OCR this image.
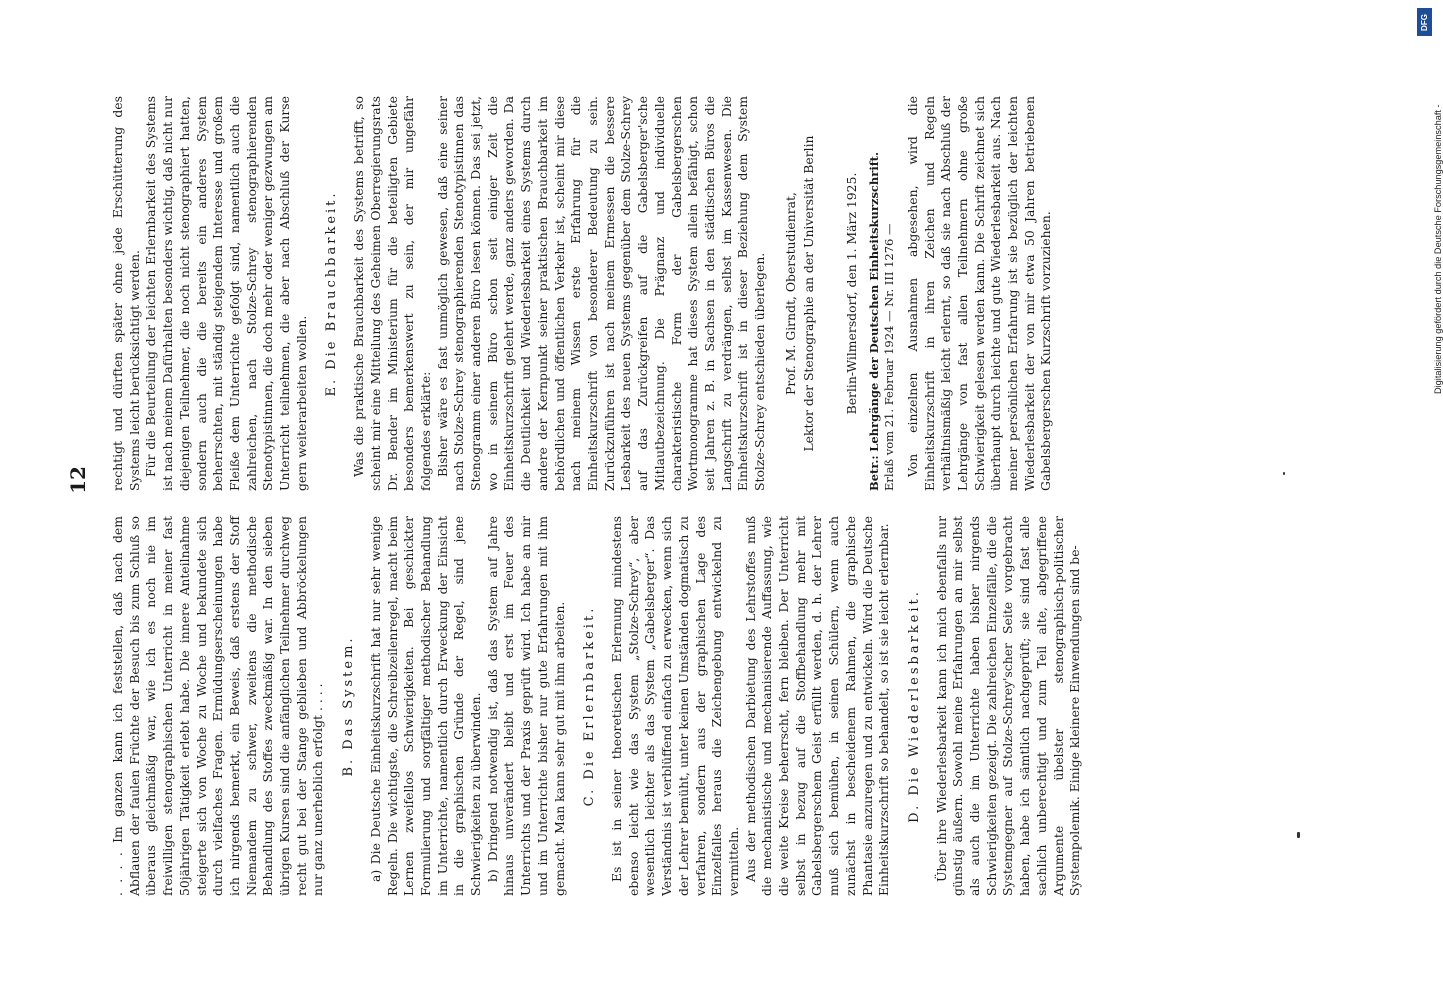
12

. . . . Im ganzen kann ich feststellen, daß nach dem Abflauen der faulen Früchte der Besuch bis zum Schluß so überaus gleichmäßig war, wie ich es noch nie im freiwilligen stenographischen Unterricht in meiner fast 50jährigen Tätigkeit erlebt habe. Die innere Anteilnahme steigerte sich von Woche zu Woche und bekundete sich durch vielfaches Fragen. Ermüdungserscheinungen habe ich nirgends bemerkt, ein Beweis, daß erstens der Stoff Niemandem zu schwer, zweitens die methodische Behandlung des Stoffes zweckmäßig war. In den sieben übrigen Kursen sind die anfänglichen Teilnehmer durchweg recht gut bei der Stange geblieben und Abbröckelungen nur ganz unerheblich erfolgt . . . . B. Das System. a) Die Deutsche Einheitskurzschrift hat nur sehr wenige Regeln. Die wichtigste, die Schreibzeilenregel, macht beim Lernen zweifellos Schwierigkeiten. Bei geschickter Formulierung und sorgfältiger methodischer Behandlung im Unterrichte, namentlich durch Erweckung der Einsicht in die graphischen Gründe der Regel, sind jene Schwierigkeiten zu überwinden. b) Dringend notwendig ist, daß das System auf Jahre hinaus unverändert bleibt und erst im Feuer des Unterrichts und der Praxis geprüft wird. Ich habe an mir und im Unterrichte bisher nur gute Erfahrungen mit ihm gemacht. Man kann sehr gut mit ihm arbeiten. C. Die Erlernbarkeit. Es ist in seiner theoretischen Erlernung mindestens ebenso leicht wie das System „Stolze-Schrey“, aber wesentlich leichter als das System „Gabelsberger“. Das Verständnis ist verblüffend einfach zu erwecken, wenn sich der Lehrer bemüht, unter keinen Umständen dogmatisch zu verfahren, sondern aus der graphischen Lage des Einzelfalles heraus die Zeichengebung entwickelnd zu vermitteln. Aus der methodischen Darbietung des Lehrstoffes muß die mechanistische und mechanisierende Auffassung, wie die weite Kreise beherrscht, fern bleiben. Der Unterricht selbst in bezug auf die Stoffbehandlung mehr mit Gabelsbergerschem Geist erfüllt werden, d. h. der Lehrer muß sich bemühen, in seinen Schülern, wenn auch zunächst in bescheidenem Rahmen, die graphische Phantasie anzuregen und zu entwickeln. Wird die Deutsche Einheitskurzschrift so behandelt, so ist sie leicht erlernbar. D. Die Wiederlesbarkeit. Über ihre Wiederlesbarkeit kann ich mich ebenfalls nur günstig äußern. Sowohl meine Erfahrungen an mir selbst als auch die im Unterrichte haben bisher nirgends Schwierigkeiten gezeigt. Die zahlreichen Einzelfälle, die die Systemgegner auf Stolze-Schrey'scher Seite vorgebracht haben, habe ich sämtlich nachgeprüft; sie sind fast alle sachlich unberechtigt und zum Teil alte, abgegriffene Argumente übelster stenographisch-politischer Systempolemik. Einige kleinere Einwendungen sind be-

rechtigt und dürften später ohne jede Erschütterung des Systems leicht berücksichtigt werden. Für die Beurteilung der leichten Erlernbarkeit des Systems ist nach meinem Dafürhalten besonders wichtig, daß nicht nur diejenigen Teilnehmer, die noch nicht stenographiert hatten, sondern auch die die bereits ein anderes System beherrschten, mit ständig steigendem Interesse und großem Fleiße dem Unterrichte gefolgt sind, namentlich auch die zahlreichen, nach Stolze-Schrey stenographierenden Stenotypistinnen, die doch mehr oder weniger gezwungen am Unterricht teilnehmen, die aber nach Abschluß der Kurse gern weiterarbeiten wollen.

E. Die Brauchbarkeit. Was die praktische Brauchbarkeit des Systems betrifft, so scheint mir eine Mitteilung des Geheimen Oberregierungsrats Dr. Bender im Ministerium für die beteiligten Gebiete besonders bemerkenswert zu sein, der mir ungefähr folgendes erklärte: Bisher wäre es fast unmöglich gewesen, daß eine seiner nach Stolze-Schrey stenographierenden Stenotypistinnen das Stenogramm einer anderen Büro lesen können. Das sei jetzt, wo in seinem Büro schon seit einiger Zeit die Einheitskurzschrift gelehrt werde, ganz anders geworden. Da die Deutlichkeit und Wiederlesbarkeit eines Systems durch andere der Kernpunkt seiner praktischen Brauchbarkeit im behördlichen und öffentlichen Verkehr ist, scheint mir diese nach meinem Wissen erste Erfahrung für die Einheitskurzschrift von besonderer Bedeutung zu sein. Zurückzuführen ist nach meinem Ermessen die bessere Lesbarkeit des neuen Systems gegenüber dem Stolze-Schrey auf das Zurückgreifen auf die Gabelsberger'sche Mitlautbezeichnung. Die Prägnanz und individuelle charakteristische Form der Gabelsbergerschen Wortmonogramme hat dieses System allein befähigt, schon seit Jahren z. B. in Sachsen in den städtischen Büros die Langschrift zu verdrängen, selbst im Kassenwesen. Die Einheitskurzschrift ist in dieser Beziehung dem System Stolze-Schrey entschieden überlegen. Prof. M. Girndt, Oberstudienrat, Lektor der Stenographie an der Universität Berlin Berlin-Wilmersdorf, den 1. März 1925.

Betr.: Lehrgänge der Deutschen Einheitskurzschrift. Erlaß vom 21. Februar 1924 — Nr. III 1276 — Von einzelnen Ausnahmen abgesehen, wird die Einheitskurzschrift in ihren Zeichen und Regeln verhältnismäßig leicht erlernt, so daß sie nach Abschluß der Lehrgänge von fast allen Teilnehmern ohne große Schwierigkeit gelesen werden kann. Die Schrift zeichnet sich überhaupt durch leichte und gute Wiederlesbarkeit aus. Nach meiner persönlichen Erfahrung ist sie bezüglich der leichten Wiederlesbarkeit der von mir etwa 50 Jahren betriebenen Gabelsbergerschen Kurzschrift vorzuziehen.

DFG
Digitalisierung gefördert durch die Deutsche Forschungsgemeinschaft -
